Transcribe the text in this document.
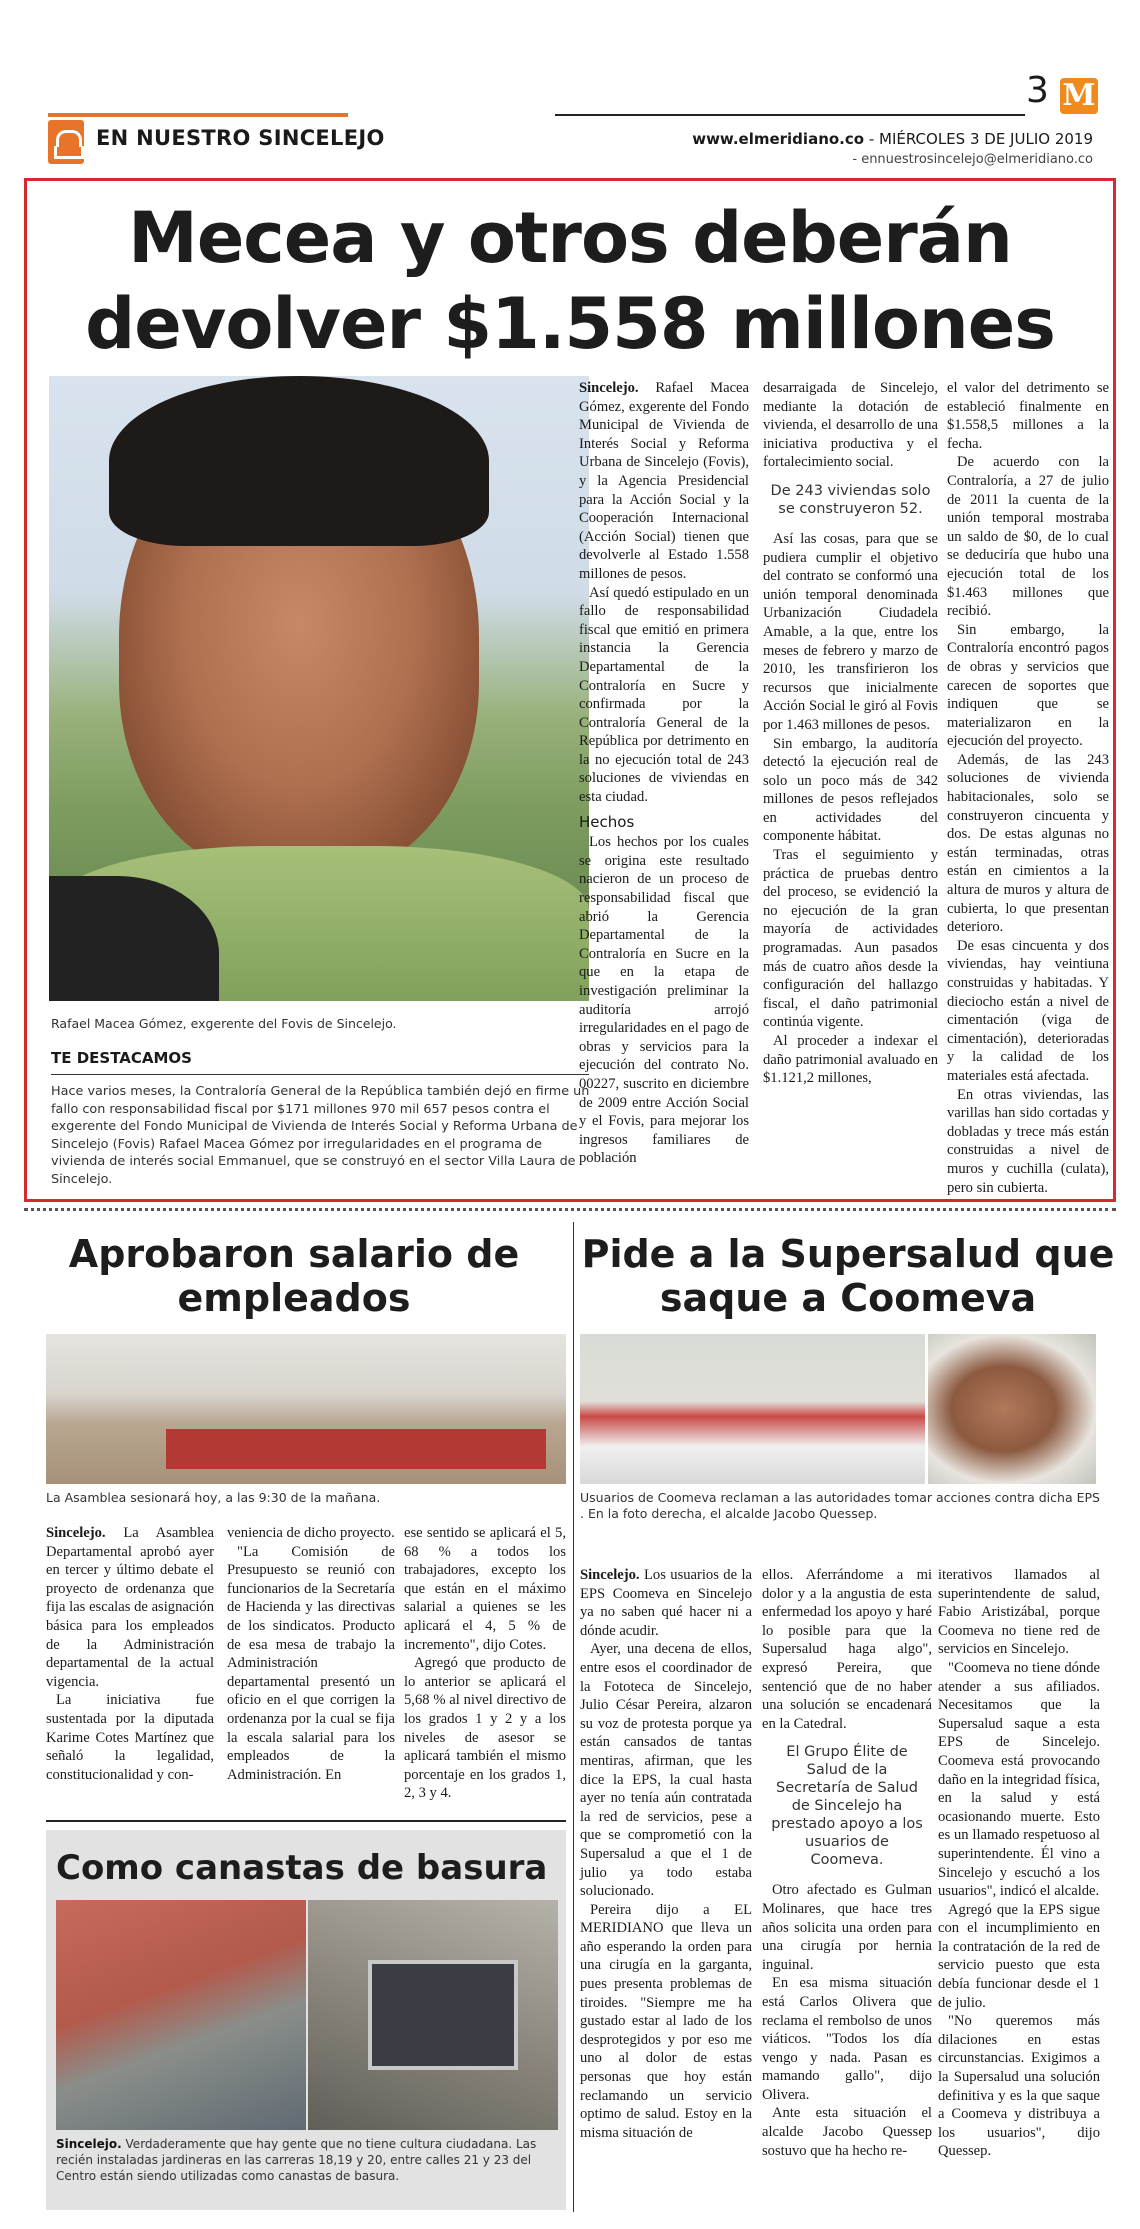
EN NUESTRO SINCELEJO
3 M
www.elmeridiano.co - MIÉRCOLES 3 DE JULIO 2019
- ennuestrosincelejo@elmeridiano.co
Mecea y otros deberán devolver $1.558 millones
Rafael Macea Gómez, exgerente del Fovis de Sincelejo.
TE DESTACAMOS

Hace varios meses, la Contraloría General de la República también dejó en firme un fallo con responsabilidad fiscal por $171 millones 970 mil 657 pesos contra el exgerente del Fondo Municipal de Vivienda de Interés Social y Reforma Urbana de Sincelejo (Fovis) Rafael Macea Gómez por irregularidades en el programa de vivienda de interés social Emmanuel, que se construyó en el sector Villa Laura de Sincelejo.

Sincelejo. Rafael Macea Gómez, exgerente del Fondo Municipal de Vivienda de Interés Social y Reforma Urbana de Sincelejo (Fovis), y la Agencia Presidencial para la Acción Social y la Cooperación Internacional (Acción Social) tienen que devolverle al Estado 1.558 millones de pesos.

Así quedó estipulado en un fallo de responsabilidad fiscal que emitió en primera instancia la Gerencia Departamental de la Contraloría en Sucre y confirmada por la Contraloría General de la República por detrimento en la no ejecución total de 243 soluciones de viviendas en esta ciudad.

Hechos

Los hechos por los cuales se origina este resultado nacieron de un proceso de responsabilidad fiscal que abrió la Gerencia Departamental de la Contraloría en Sucre en la que en la etapa de investigación preliminar la auditoría arrojó irregularidades en el pago de obras y servicios para la ejecución del contrato No. 00227, suscrito en diciembre de 2009 entre Acción Social y el Fovis, para mejorar los ingresos familiares de población

desarraigada de Sincelejo, mediante la dotación de vivienda, el desarrollo de una iniciativa productiva y el fortalecimiento social.

De 243 viviendas solo se construyeron 52.

Así las cosas, para que se pudiera cumplir el objetivo del contrato se conformó una unión temporal denominada Urbanización Ciudadela Amable, a la que, entre los meses de febrero y marzo de 2010, les transfirieron los recursos que inicialmente Acción Social le giró al Fovis por 1.463 millones de pesos.

Sin embargo, la auditoría detectó la ejecución real de solo un poco más de 342 millones de pesos reflejados en actividades del componente hábitat.

Tras el seguimiento y práctica de pruebas dentro del proceso, se evidenció la no ejecución de la gran mayoría de actividades programadas. Aun pasados más de cuatro años desde la configuración del hallazgo fiscal, el daño patrimonial continúa vigente.

Al proceder a indexar el daño patrimonial avaluado en $1.121,2 millones,

el valor del detrimento se estableció finalmente en $1.558,5 millones a la fecha.

De acuerdo con la Contraloría, a 27 de julio de 2011 la cuenta de la unión temporal mostraba un saldo de $0, de lo cual se deduciría que hubo una ejecución total de los $1.463 millones que recibió.

Sin embargo, la Contraloría encontró pagos de obras y servicios que carecen de soportes que indiquen que se materializaron en la ejecución del proyecto.

Además, de las 243 soluciones de vivienda habitacionales, solo se construyeron cincuenta y dos. De estas algunas no están terminadas, otras están en cimientos a la altura de muros y altura de cubierta, lo que presentan deterioro.

De esas cincuenta y dos viviendas, hay veintiuna construidas y habitadas. Y dieciocho están a nivel de cimentación (viga de cimentación), deterioradas y la calidad de los materiales está afectada.

En otras viviendas, las varillas han sido cortadas y dobladas y trece más están construidas a nivel de muros y cuchilla (culata), pero sin cubierta.

Aprobaron salario de empleados
La Asamblea sesionará hoy, a las 9:30 de la mañana.

Sincelejo. La Asamblea Departamental aprobó ayer en tercer y último debate el proyecto de ordenanza que fija las escalas de asignación básica para los empleados de la Administración departamental de la actual vigencia.

La iniciativa fue sustentada por la diputada Karime Cotes Martínez que señaló la legalidad, constitucionalidad y con-

veniencia de dicho proyecto.

"La Comisión de Presupuesto se reunió con funcionarios de la Secretaría de Hacienda y las directivas de los sindicatos. Producto de esa mesa de trabajo la Administración departamental presentó un oficio en el que corrigen la ordenanza por la cual se fija la escala salarial para los empleados de la Administración. En

ese sentido se aplicará el 5, 68 % a todos los trabajadores, excepto los que están en el máximo salarial a quienes se les aplicará el 4, 5 % de incremento", dijo Cotes.

Agregó que producto de lo anterior se aplicará el 5,68 % al nivel directivo de los grados 1 y 2 y a los niveles de asesor se aplicará también el mismo porcentaje en los grados 1, 2, 3 y 4.

Como canastas de basura

Sincelejo. Verdaderamente que hay gente que no tiene cultura ciudadana. Las recién instaladas jardineras en las carreras 18,19 y 20, entre calles 21 y 23 del Centro están siendo utilizadas como canastas de basura.

Pide a la Supersalud que saque a Coomeva
Usuarios de Coomeva reclaman a las autoridades tomar acciones contra dicha EPS . En la foto derecha, el alcalde Jacobo Quessep.

Sincelejo. Los usuarios de la EPS Coomeva en Sincelejo ya no saben qué hacer ni a dónde acudir.

Ayer, una decena de ellos, entre esos el coordinador de la Fototeca de Sincelejo, Julio César Pereira, alzaron su voz de protesta porque ya están cansados de tantas mentiras, afirman, que les dice la EPS, la cual hasta ayer no tenía aún contratada la red de servicios, pese a que se comprometió con la Supersalud a que el 1 de julio ya todo estaba solucionado.

Pereira dijo a EL MERIDIANO que lleva un año esperando la orden para una cirugía en la garganta, pues presenta problemas de tiroides. "Siempre me ha gustado estar al lado de los desprotegidos y por eso me uno al dolor de estas personas que hoy están reclamando un servicio optimo de salud. Estoy en la misma situación de

ellos. Aferrándome a mi dolor y a la angustia de esta enfermedad los apoyo y haré lo posible para que la Supersalud haga algo", expresó Pereira, que sentenció que de no haber una solución se encadenará en la Catedral.

El Grupo Élite de Salud de la Secretaría de Salud de Sincelejo ha prestado apoyo a los usuarios de Coomeva.

Otro afectado es Gulman Molinares, que hace tres años solicita una orden para una cirugía por hernia inguinal.

En esa misma situación está Carlos Olivera que reclama el rembolso de unos viáticos. "Todos los día vengo y nada. Pasan es mamando gallo", dijo Olivera.

Ante esta situación el alcalde Jacobo Quessep sostuvo que ha hecho re-

iterativos llamados al superintendente de salud, Fabio Aristizábal, porque Coomeva no tiene red de servicios en Sincelejo.

"Coomeva no tiene dónde atender a sus afiliados. Necesitamos que la Supersalud saque a esta EPS de Sincelejo. Coomeva está provocando daño en la integridad física, en la salud y está ocasionando muerte. Esto es un llamado respetuoso al superintendente. Él vino a Sincelejo y escuchó a los usuarios", indicó el alcalde.

Agregó que la EPS sigue con el incumplimiento en la contratación de la red de servicio puesto que esta debía funcionar desde el 1 de julio.

"No queremos más dilaciones en estas circunstancias. Exigimos a la Supersalud una solución definitiva y es la que saque a Coomeva y distribuya a los usuarios", dijo Quessep.
